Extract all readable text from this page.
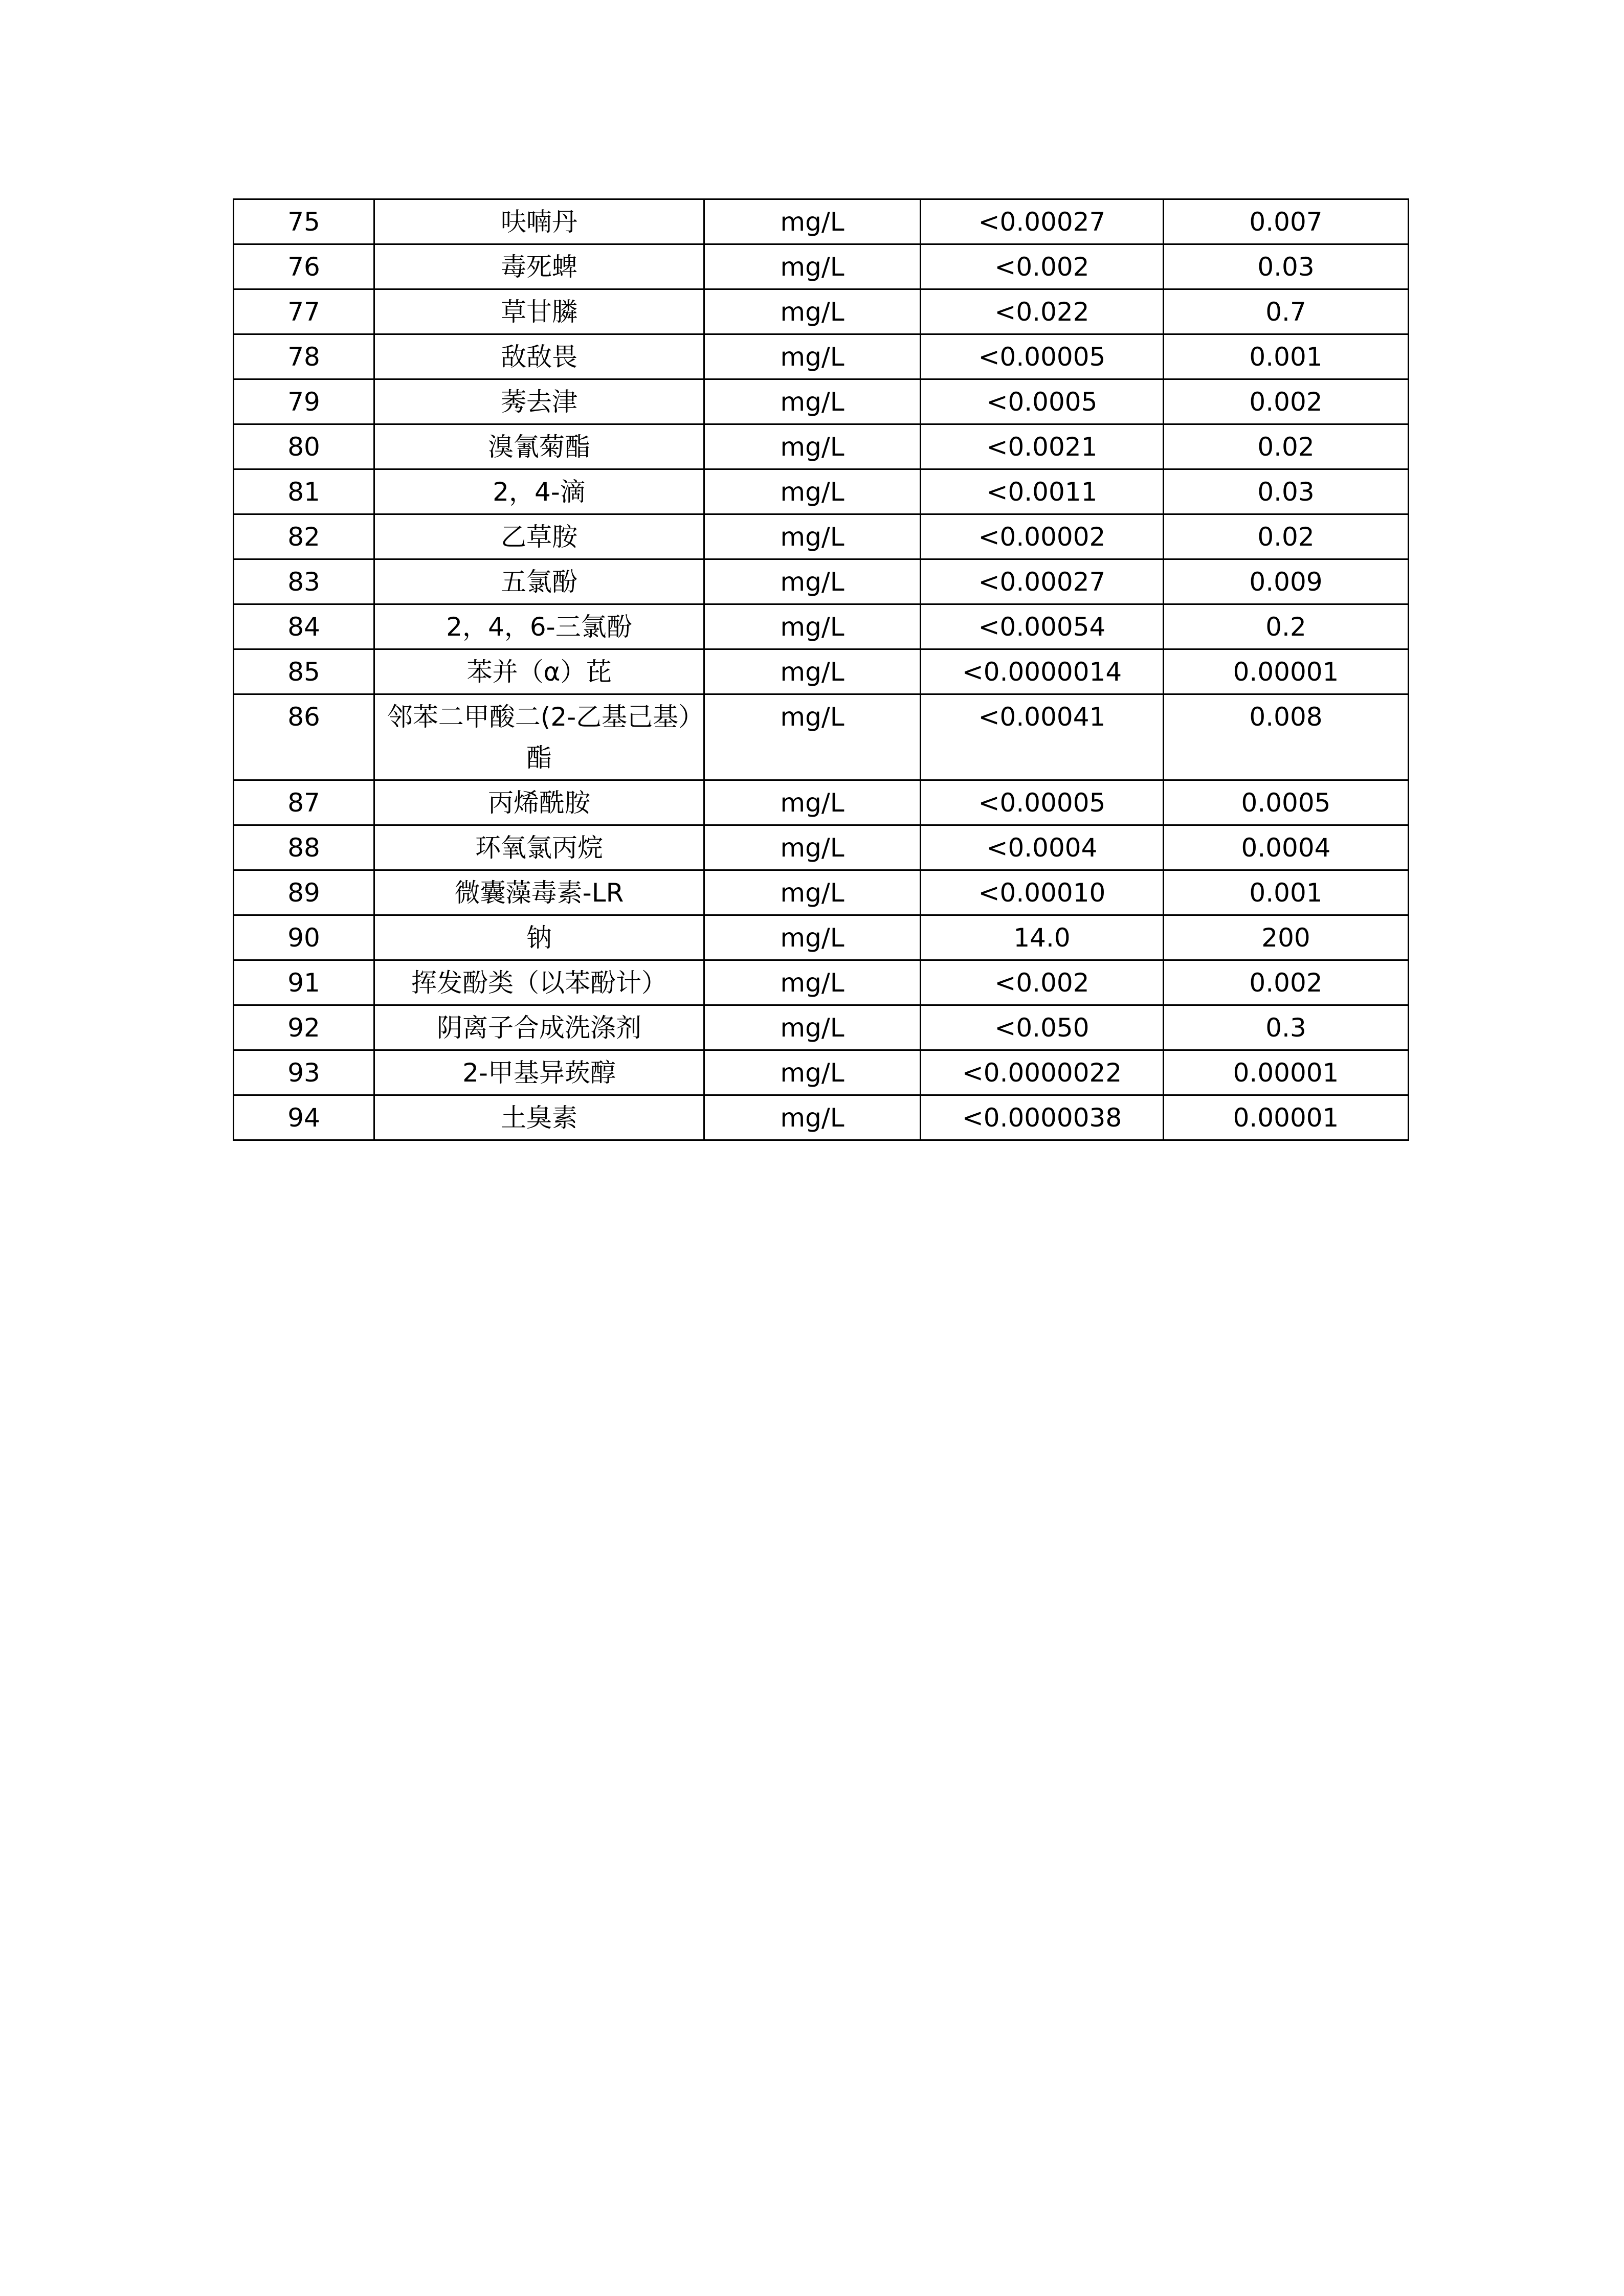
75	呋喃丹	mg/L	<0.00027	0.007
76	毒死蜱	mg/L	<0.002	0.03
77	草甘膦	mg/L	<0.022	0.7
78	敌敌畏	mg/L	<0.00005	0.001
79	莠去津	mg/L	<0.0005	0.002
80	溴氰菊酯	mg/L	<0.0021	0.02
81	2，4-滴	mg/L	<0.0011	0.03
82	乙草胺	mg/L	<0.00002	0.02
83	五氯酚	mg/L	<0.00027	0.009
84	2，4，6-三氯酚	mg/L	<0.00054	0.2
85	苯并（α）芘	mg/L	<0.0000014	0.00001
86	邻苯二甲酸二(2-乙基己基）酯	mg/L	<0.00041	0.008
87	丙烯酰胺	mg/L	<0.00005	0.0005
88	环氧氯丙烷	mg/L	<0.0004	0.0004
89	微囊藻毒素-LR	mg/L	<0.00010	0.001
90	钠	mg/L	14.0	200
91	挥发酚类（以苯酚计）	mg/L	<0.002	0.002
92	阴离子合成洗涤剂	mg/L	<0.050	0.3
93	2-甲基异莰醇	mg/L	<0.0000022	0.00001
94	土臭素	mg/L	<0.0000038	0.00001
